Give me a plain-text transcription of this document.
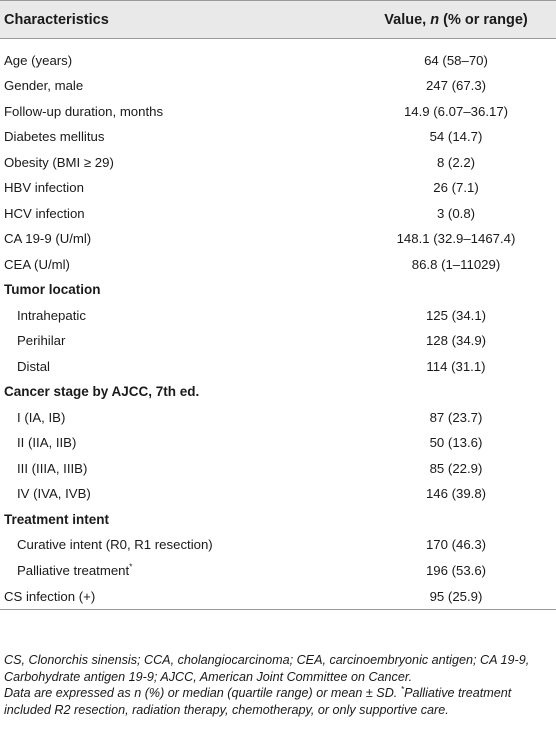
Characteristics	Value, n (% or range)
Age (years)	64 (58–70)
Gender, male	247 (67.3)
Follow-up duration, months	14.9 (6.07–36.17)
Diabetes mellitus	54 (14.7)
Obesity (BMI ≥ 29)	8 (2.2)
HBV infection	26 (7.1)
HCV infection	3 (0.8)
CA 19-9 (U/ml)	148.1 (32.9–1467.4)
CEA (U/ml)	86.8 (1–11029)
Tumor location	
Intrahepatic	125 (34.1)
Perihilar	128 (34.9)
Distal	114 (31.1)
Cancer stage by AJCC, 7th ed.	
I (IA, IB)	87 (23.7)
II (IIA, IIB)	50 (13.6)
III (IIIA, IIIB)	85 (22.9)
IV (IVA, IVB)	146 (39.8)
Treatment intent	
Curative intent (R0, R1 resection)	170 (46.3)
Palliative treatment*	196 (53.6)
CS infection (+)	95 (25.9)

CS, Clonorchis sinensis; CCA, cholangiocarcinoma; CEA, carcinoembryonic antigen; CA 19-9, Carbohydrate antigen 19-9; AJCC, American Joint Committee on Cancer.

Data are expressed as n (%) or median (quartile range) or mean ± SD. *Palliative treatment included R2 resection, radiation therapy, chemotherapy, or only supportive care.
